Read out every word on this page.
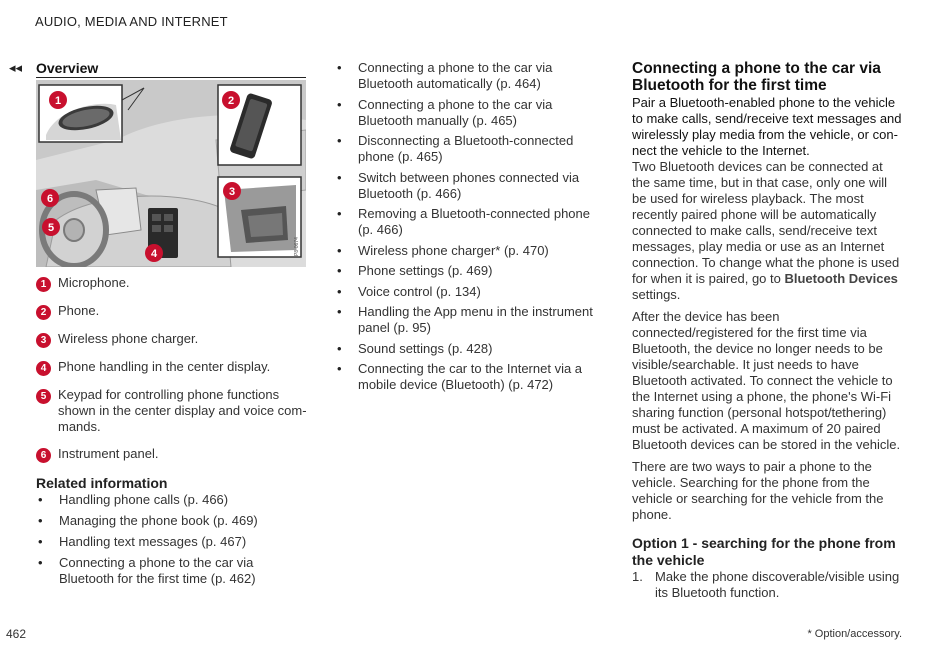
AUDIO, MEDIA AND INTERNET
◂◂ Overview
P8-0674
1	2
3
4
5
6
1 Microphone.
2 Phone.
3 Wireless phone charger.
4 Phone handling in the center display.
5 Keypad for controlling phone functions shown in the center display and voice commands.
6 Instrument panel.
Related information
• Handling phone calls (p. 466)
• Managing the phone book (p. 469)
• Handling text messages (p. 467)
• Connecting a phone to the car via Bluetooth for the first time (p. 462)
• Connecting a phone to the car via Bluetooth automatically (p. 464)
• Connecting a phone to the car via Bluetooth manually (p. 465)
• Disconnecting a Bluetooth-connected phone (p. 465)
• Switch between phones connected via Bluetooth (p. 466)
• Removing a Bluetooth-connected phone (p. 466)
• Wireless phone charger* (p. 470)
• Phone settings (p. 469)
• Voice control (p. 134)
• Handling the App menu in the instrument panel (p. 95)
• Sound settings (p. 428)
• Connecting the car to the Internet via a mobile device (Bluetooth) (p. 472)
Connecting a phone to the car via Bluetooth for the first time

Pair a Bluetooth-enabled phone to the vehicle to make calls, send/receive text messages and wirelessly play media from the vehicle, or connect the vehicle to the Internet.

Two Bluetooth devices can be connected at the same time, but in that case, only one will be used for wireless playback. The most recently paired phone will be automatically connected to make calls, send/receive text messages, play media or use as an Internet connection. To change what the phone is used for when it is paired, go to Bluetooth Devices settings.

After the device has been connected/registered for the first time via Bluetooth, the device no longer needs to be visible/searchable. It just needs to have Bluetooth activated. To connect the vehicle to the Internet using a phone, the phone's Wi-Fi sharing function (personal hotspot/tethering) must be activated. A maximum of 20 paired Bluetooth devices can be stored in the vehicle.

There are two ways to pair a phone to the vehicle. Searching for the phone from the vehicle or searching for the vehicle from the phone.

Option 1 - searching for the phone from the vehicle
1. Make the phone discoverable/visible using its Bluetooth function.
462	* Option/accessory.
